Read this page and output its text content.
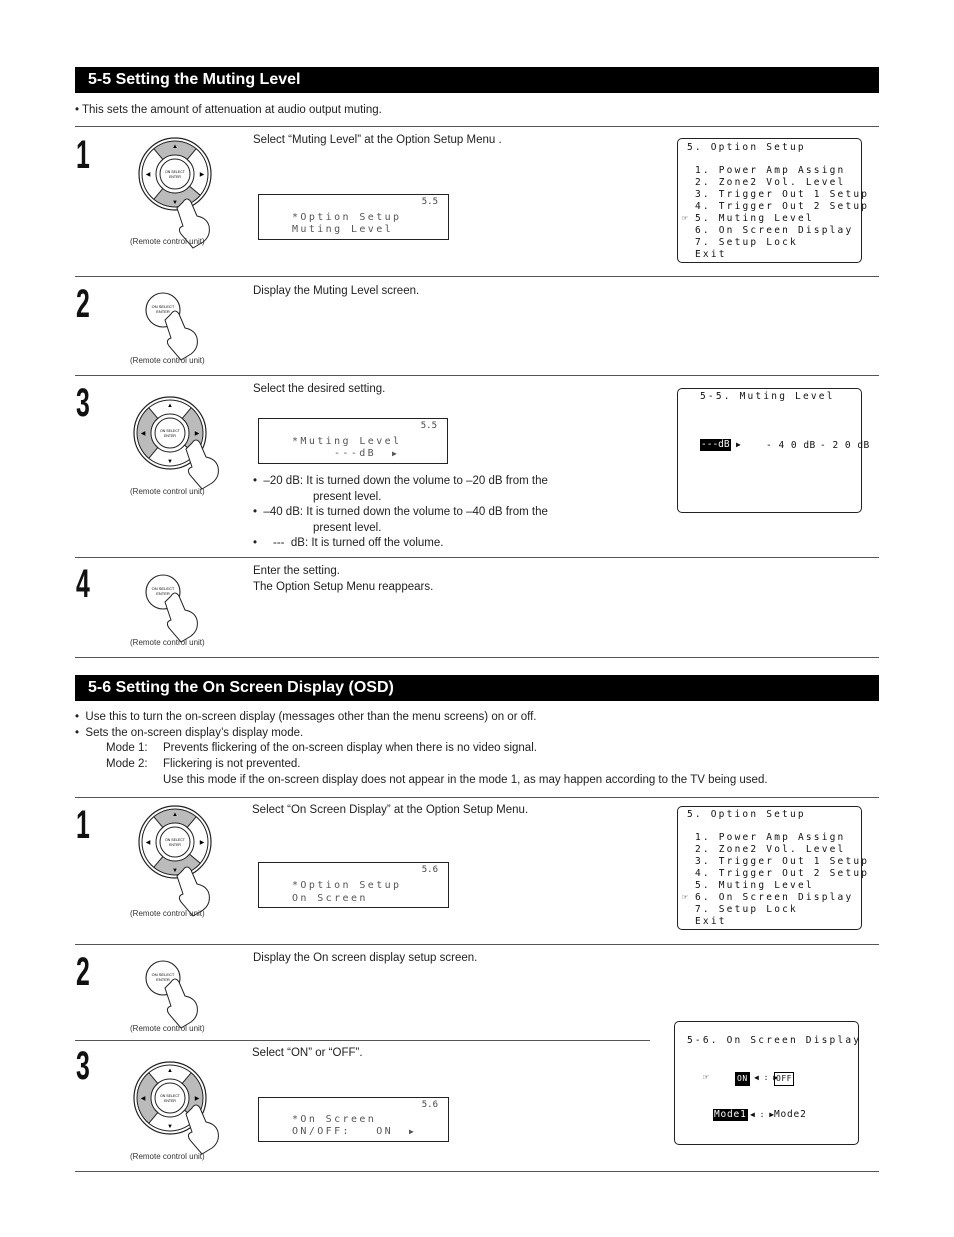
5-5 Setting the Muting Level
• This sets the amount of attenuation at audio output muting.
1	ON SELECT
ENTER
▲
▼
◀	▶
(Remote control unit)
Select “Muting Level” at the Option Setup Menu .
5.5
*Option Setup
Muting Level
5. Option Setup
1. Power Amp Assign
2. Zone2 Vol. Level
3. Trigger Out 1 Setup
4. Trigger Out 2 Setup
☞ 5. Muting Level
6. On Screen Display
7. Setup Lock
Exit
2	ON SELECT
ENTER
(Remote control unit)
Display the Muting Level screen.
3
ON SELECT
ENTER
▲
▼
◀	▶
(Remote control unit)
Select the desired setting.
5.5
*Muting Level
---dB ▶
•  –20 dB: It is turned down the volume to –20 dB from the
present level.
•  –40 dB: It is turned down the volume to –40 dB from the
present level.
•     --- dB: It is turned off the volume.
5-5. Muting Level
---dB ▶ - 4 0 dB - 2 0 dB
4	ON SELECT
ENTER
(Remote control unit)
Enter the setting.
The Option Setup Menu reappears.
5-6 Setting the On Screen Display (OSD)
•  Use this to turn the on-screen display (messages other than the menu screens) on or off.
•  Sets the on-screen display’s display mode.
Mode 1: Prevents flickering of the on-screen display when there is no video signal.
Mode 2: Flickering is not prevented.
Use this mode if the on-screen display does not appear in the mode 1, as may happen according to the TV being used.
1	ON SELECT
ENTER
▲
▼
◀	▶
(Remote control unit)
Select “On Screen Display” at the Option Setup Menu.
5.6
*Option Setup
On Screen
5. Option Setup
1. Power Amp Assign
2. Zone2 Vol. Level
3. Trigger Out 1 Setup
4. Trigger Out 2 Setup
5. Muting Level
☞ 6. On Screen Display
7. Setup Lock
Exit
2	ON SELECT
ENTER
(Remote control unit)
Display the On screen display setup screen.
3
ON SELECT
ENTER
▲
▼
◀	▶
(Remote control unit)
Select “ON” or “OFF”.
5.6
*On Screen
ON/OFF:   ON ▶
5-6. On Screen Display
☞	ON ◀ : ▶
OFF
Mode1 ◀ : ▶ Mode2
